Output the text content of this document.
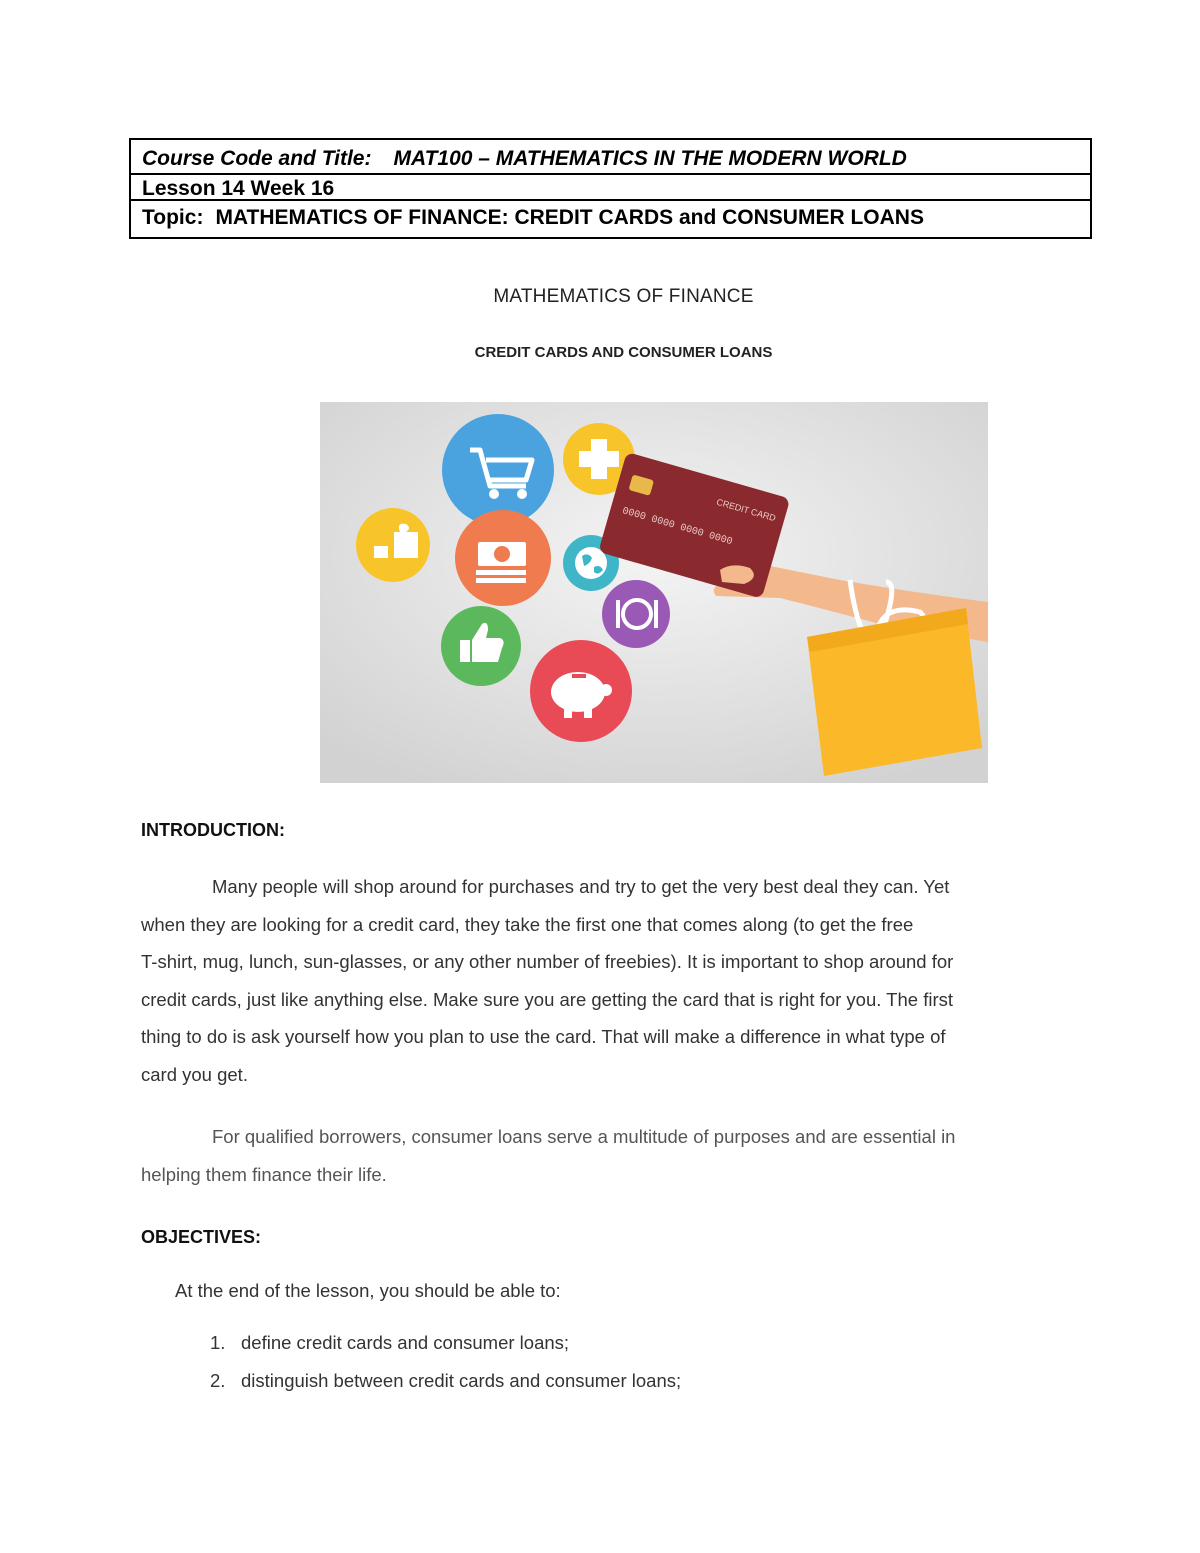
Course Code and Title: MAT100 – MATHEMATICS IN THE MODERN WORLD
Lesson 14 Week 16
Topic: MATHEMATICS OF FINANCE: CREDIT CARDS and CONSUMER LOANS
MATHEMATICS OF FINANCE
CREDIT CARDS AND CONSUMER LOANS
CREDIT CARD
0000 0000 0000 0000
INTRODUCTION:
Many people will shop around for purchases and try to get the very best deal they can. Yet
when they are looking for a credit card, they take the first one that comes along (to get the free
T-shirt, mug, lunch, sun-glasses, or any other number of freebies). It is important to shop around for
credit cards, just like anything else. Make sure you are getting the card that is right for you. The first
thing to do is ask yourself how you plan to use the card. That will make a difference in what type of
card you get.
For qualified borrowers, consumer loans serve a multitude of purposes and are essential in
helping them finance their life.
OBJECTIVES:
At the end of the lesson, you should be able to:
1. define credit cards and consumer loans;
2. distinguish between credit cards and consumer loans;
